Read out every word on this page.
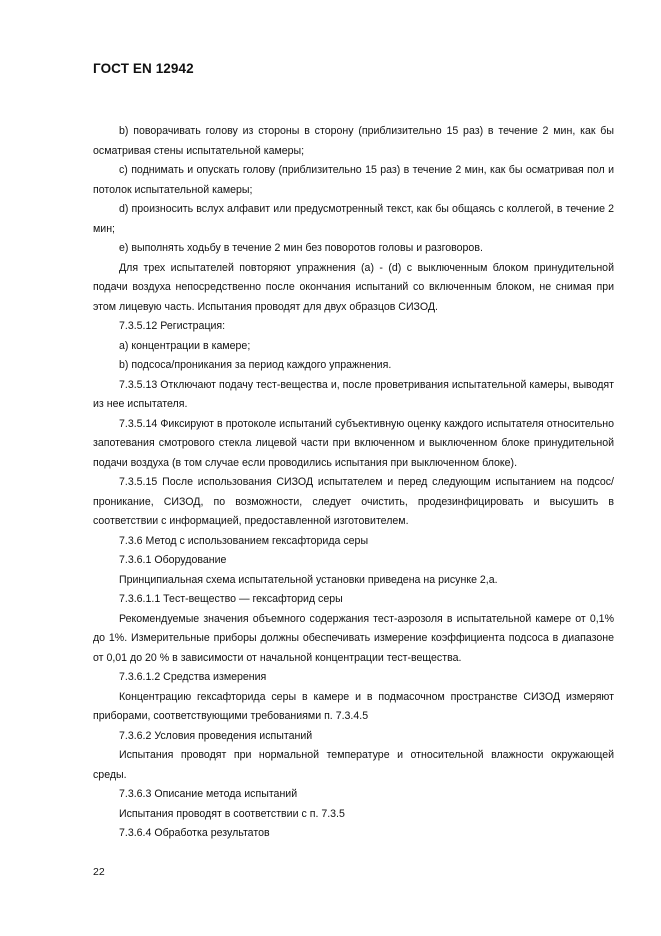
ГОСТ EN 12942

b) поворачивать голову из стороны в сторону (приблизительно 15 раз) в течение 2 мин, как бы осматривая стены испытательной камеры;

c) поднимать и опускать голову (приблизительно 15 раз) в течение 2 мин, как бы осматривая пол и потолок испытательной камеры;

d) произносить вслух алфавит или предусмотренный текст, как бы общаясь с коллегой, в течение 2 мин;

e) выполнять ходьбу в течение 2 мин без поворотов головы и разговоров.

Для трех испытателей повторяют упражнения (a) - (d) с выключенным блоком принудительной подачи воздуха непосредственно после окончания испытаний со включенным блоком, не снимая при этом лицевую часть. Испытания проводят для двух образцов СИЗОД.

7.3.5.12 Регистрация:

a) концентрации в камере;

b) подсоса/проникания за период каждого упражнения.

7.3.5.13 Отключают подачу тест-вещества и, после проветривания испытательной камеры, выводят из нее испытателя.

7.3.5.14 Фиксируют в протоколе испытаний субъективную оценку каждого испытателя относительно запотевания смотрового стекла лицевой части при включенном и выключенном блоке принудительной подачи воздуха (в том случае если проводились испытания при выключенном блоке).

7.3.5.15 После использования СИЗОД испытателем и перед следующим испытанием на подсос/проникание, СИЗОД, по возможности, следует очистить, продезинфицировать и высушить в соответствии с информацией, предоставленной изготовителем.

7.3.6 Метод с использованием гексафторида серы

7.3.6.1 Оборудование

Принципиальная схема испытательной установки приведена на рисунке 2,а.

7.3.6.1.1 Тест-вещество — гексафторид серы

Рекомендуемые значения объемного содержания тест-аэрозоля в испытательной камере от 0,1% до 1%. Измерительные приборы должны обеспечивать измерение коэффициента подсоса в диапазоне от 0,01 до 20 % в зависимости от начальной концентрации тест-вещества.

7.3.6.1.2 Средства измерения

Концентрацию гексафторида серы в камере и в подмасочном пространстве СИЗОД измеряют приборами, соответствующими требованиями п. 7.3.4.5

7.3.6.2 Условия проведения испытаний

Испытания проводят при нормальной температуре и относительной влажности окружающей среды.

7.3.6.3 Описание метода испытаний

Испытания проводят в соответствии с п. 7.3.5

7.3.6.4 Обработка результатов

22
